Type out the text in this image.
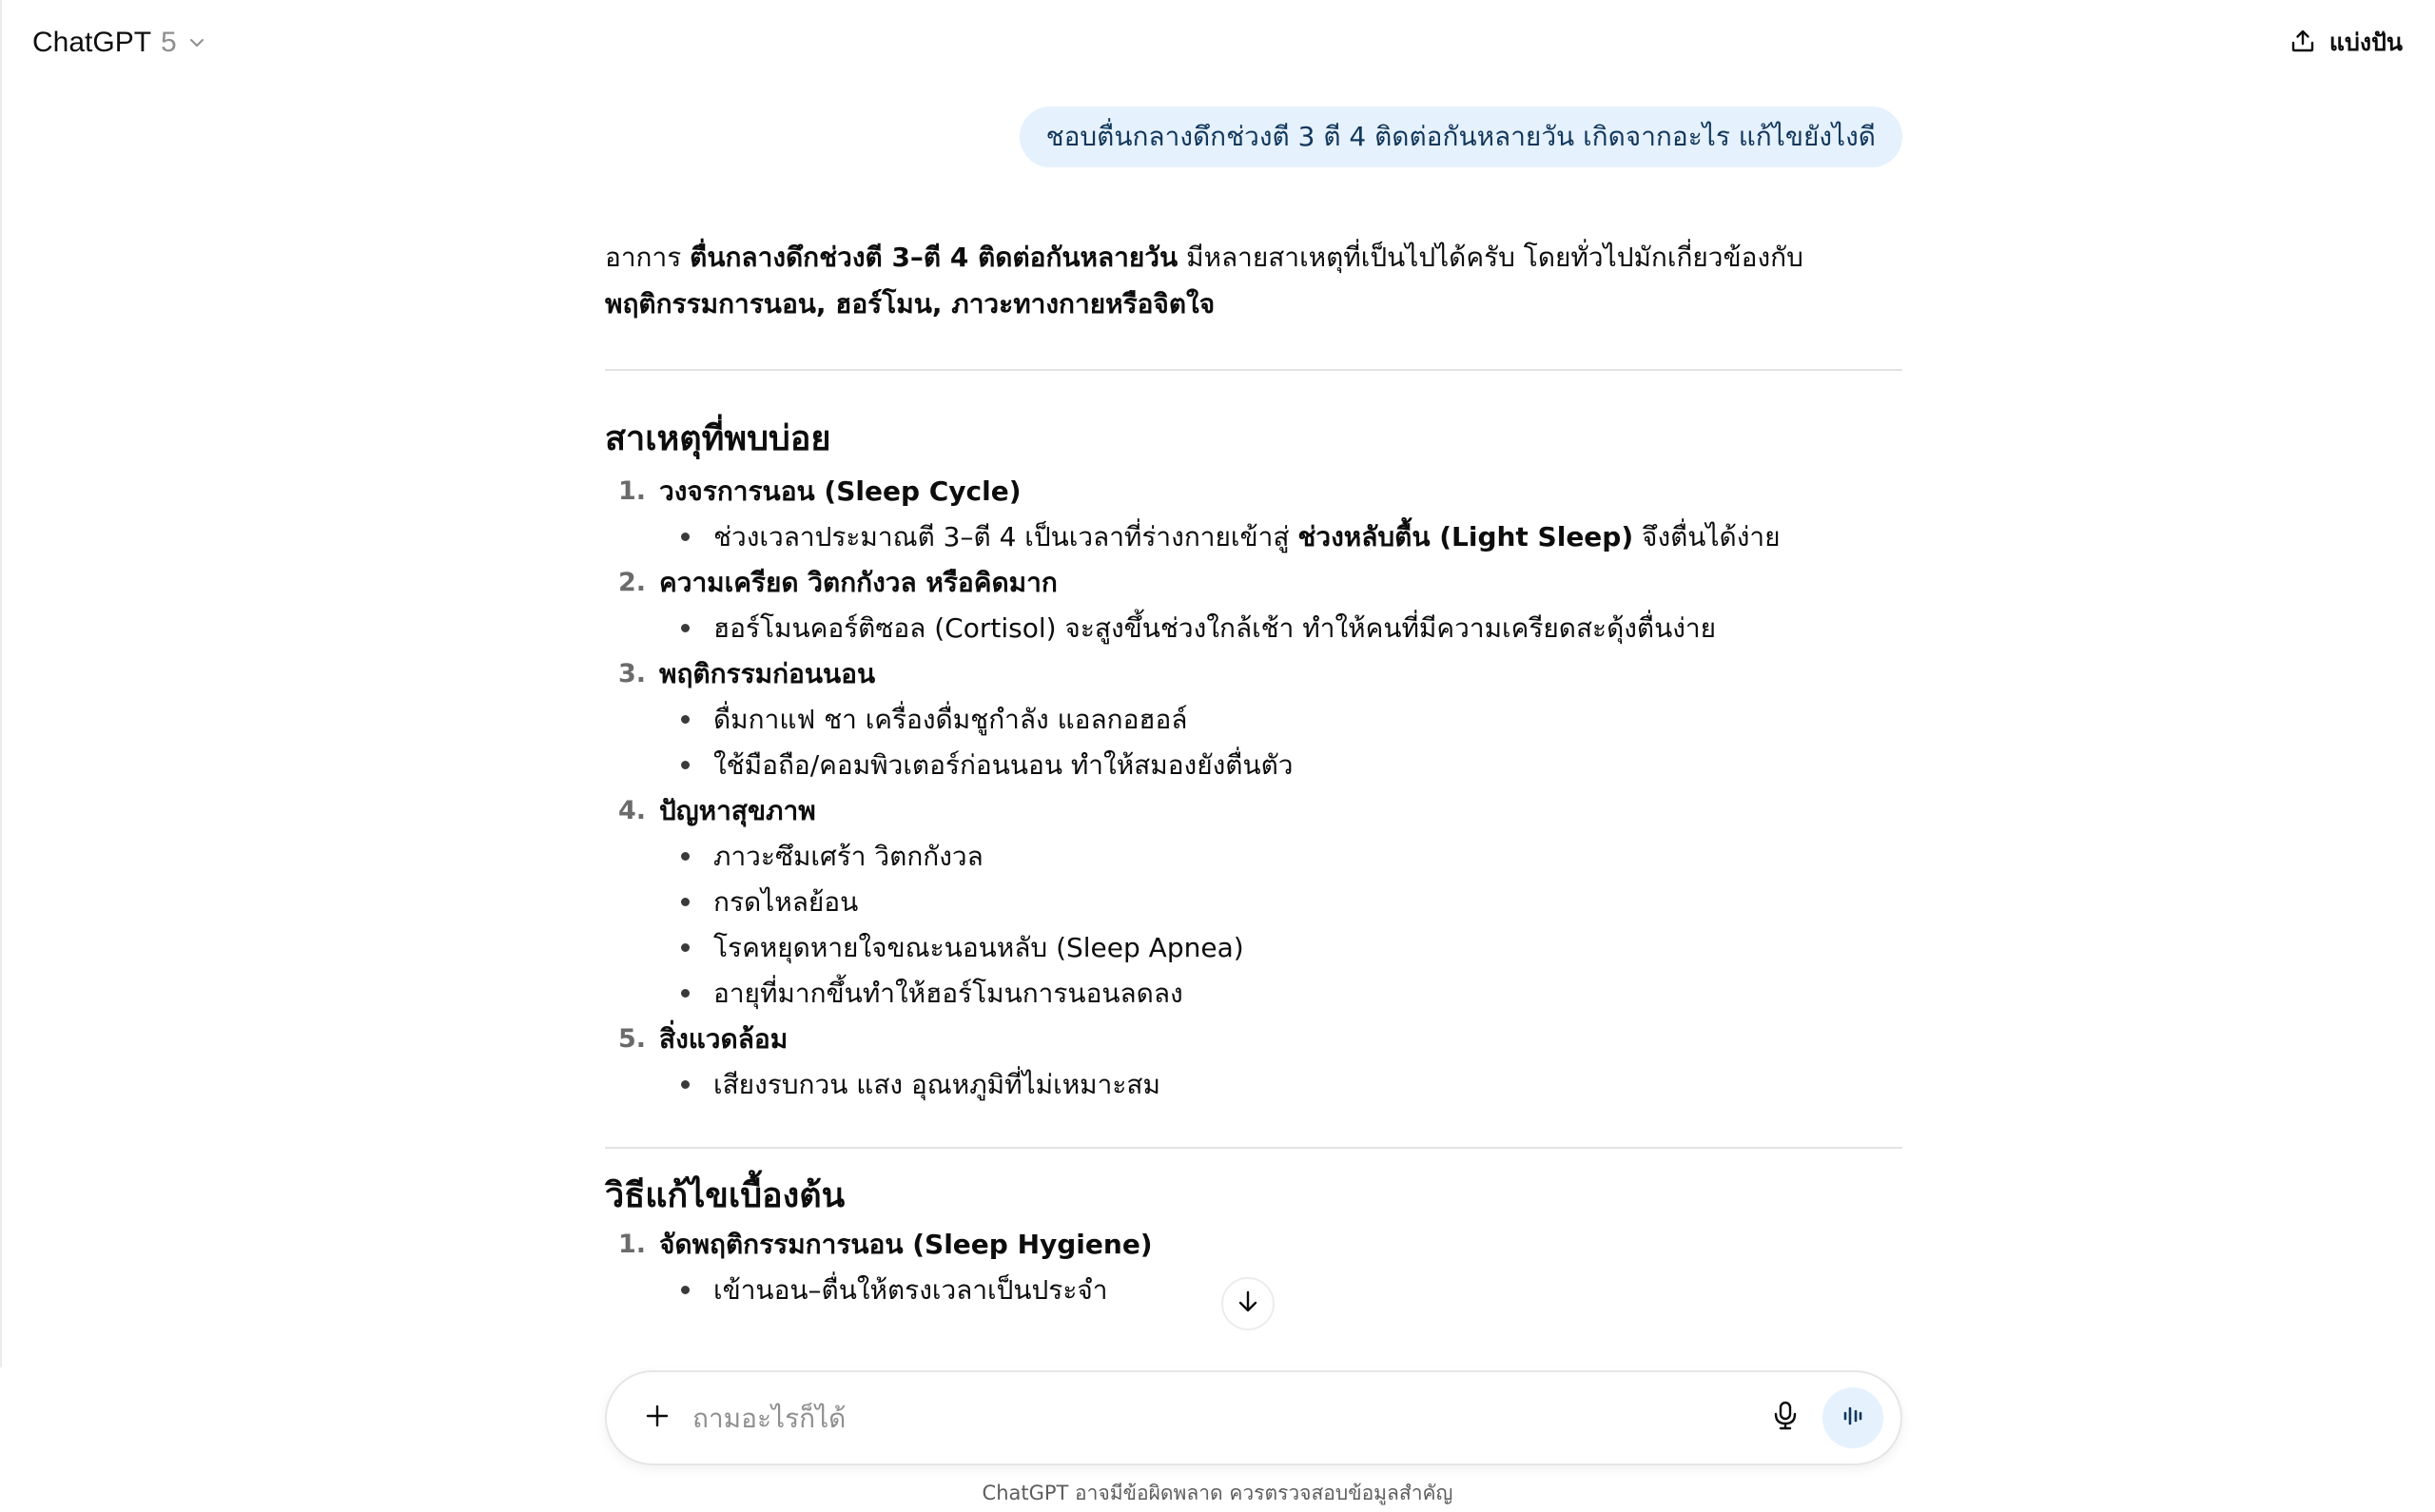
ChatGPT 5	แบ่งปัน
ชอบตื่นกลางดึกช่วงตี 3 ตี 4 ติดต่อกันหลายวัน เกิดจากอะไร แก้ไขยังไงดี

อาการ ตื่นกลางดึกช่วงตี 3–ตี 4 ติดต่อกันหลายวัน มีหลายสาเหตุที่เป็นไปได้ครับ โดยทั่วไปมักเกี่ยวข้องกับ พฤติกรรมการนอน, ฮอร์โมน, ภาวะทางกายหรือจิตใจ

สาเหตุที่พบบ่อย
1. วงจรการนอน (Sleep Cycle)
ช่วงเวลาประมาณตี 3–ตี 4 เป็นเวลาที่ร่างกายเข้าสู่ ช่วงหลับตื้น (Light Sleep) จึงตื่นได้ง่าย
2. ความเครียด วิตกกังวล หรือคิดมาก
ฮอร์โมนคอร์ติซอล (Cortisol) จะสูงขึ้นช่วงใกล้เช้า ทำให้คนที่มีความเครียดสะดุ้งตื่นง่าย
3. พฤติกรรมก่อนนอน
ดื่มกาแฟ ชา เครื่องดื่มชูกำลัง แอลกอฮอล์
ใช้มือถือ/คอมพิวเตอร์ก่อนนอน ทำให้สมองยังตื่นตัว
4. ปัญหาสุขภาพ
ภาวะซึมเศร้า วิตกกังวล
กรดไหลย้อน
โรคหยุดหายใจขณะนอนหลับ (Sleep Apnea)
อายุที่มากขึ้นทำให้ฮอร์โมนการนอนลดลง
5. สิ่งแวดล้อม
เสียงรบกวน แสง อุณหภูมิที่ไม่เหมาะสม
วิธีแก้ไขเบื้องต้น
1. จัดพฤติกรรมการนอน (Sleep Hygiene)
เข้านอน–ตื่นให้ตรงเวลาเป็นประจำ
ถามอะไรก็ได้
ChatGPT อาจมีข้อผิดพลาด ควรตรวจสอบข้อมูลสำคัญ
